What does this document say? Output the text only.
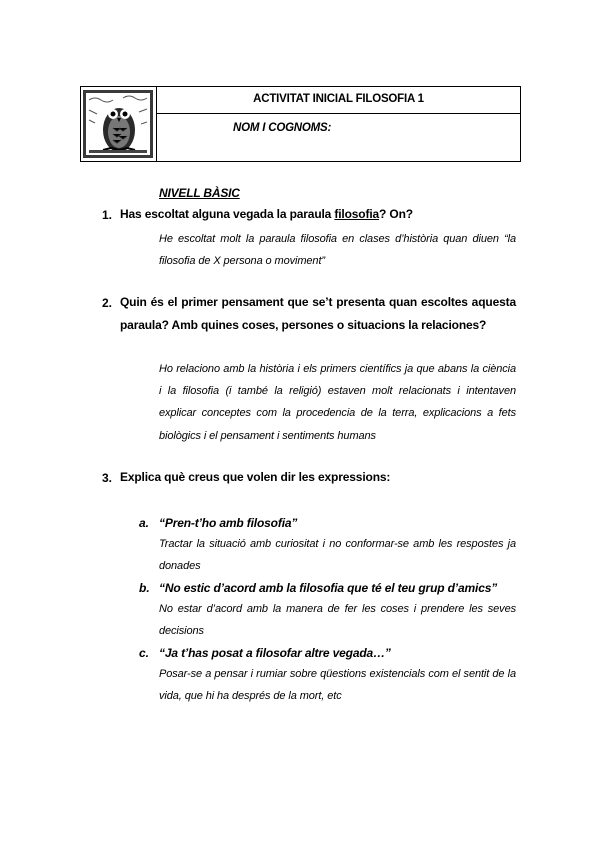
ACTIVITAT INICIAL FILOSOFIA 1
NOM I COGNOMS:
NIVELL BÀSIC
1. Has escoltat alguna vegada la paraula filosofia? On?
He escoltat molt la paraula filosofia en clases d’història quan diuen “la filosofia de X persona o moviment”
2. Quin és el primer pensament que se’t presenta quan escoltes aquesta paraula? Amb quines coses, persones o situacions la relaciones?
Ho relaciono amb la història i els primers científics ja que abans la ciència i la filosofia (i també la religió) estaven molt relacionats i intentaven explicar conceptes com la procedencia de la terra, explicacions a fets biològics i el pensament i sentiments humans
3. Explica què creus que volen dir les expressions:
a. “Pren-t’ho amb filosofia”
Tractar la situació amb curiositat i no conformar-se amb les respostes ja donades
b. “No estic d’acord amb la filosofia que té el teu grup d’amics”
No estar d’acord amb la manera de fer les coses i prendere les seves decisions
c. “Ja t’has posat a filosofar altre vegada…”
Posar-se a pensar i rumiar sobre qüestions existencials com el sentit de la vida, que hi ha després de la mort, etc
